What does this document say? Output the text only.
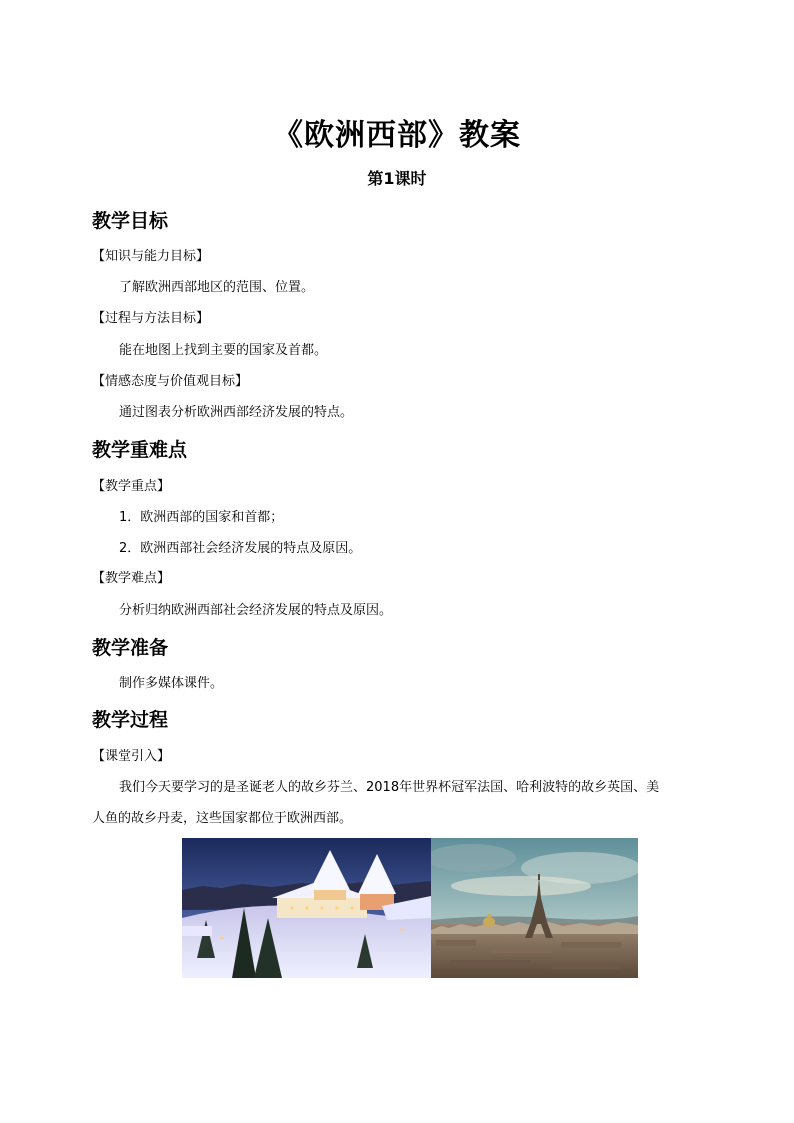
《欧洲西部》教案
第1课时
教学目标
【知识与能力目标】
了解欧洲西部地区的范围、位置。
【过程与方法目标】
能在地图上找到主要的国家及首都。
【情感态度与价值观目标】
通过图表分析欧洲西部经济发展的特点。
教学重难点
【教学重点】
1．欧洲西部的国家和首都；
2．欧洲西部社会经济发展的特点及原因。
【教学难点】
分析归纳欧洲西部社会经济发展的特点及原因。
教学准备
制作多媒体课件。
教学过程
【课堂引入】
我们今天要学习的是圣诞老人的故乡芬兰、2018年世界杯冠军法国、哈利波特的故乡英国、美
人鱼的故乡丹麦，这些国家都位于欧洲西部。
